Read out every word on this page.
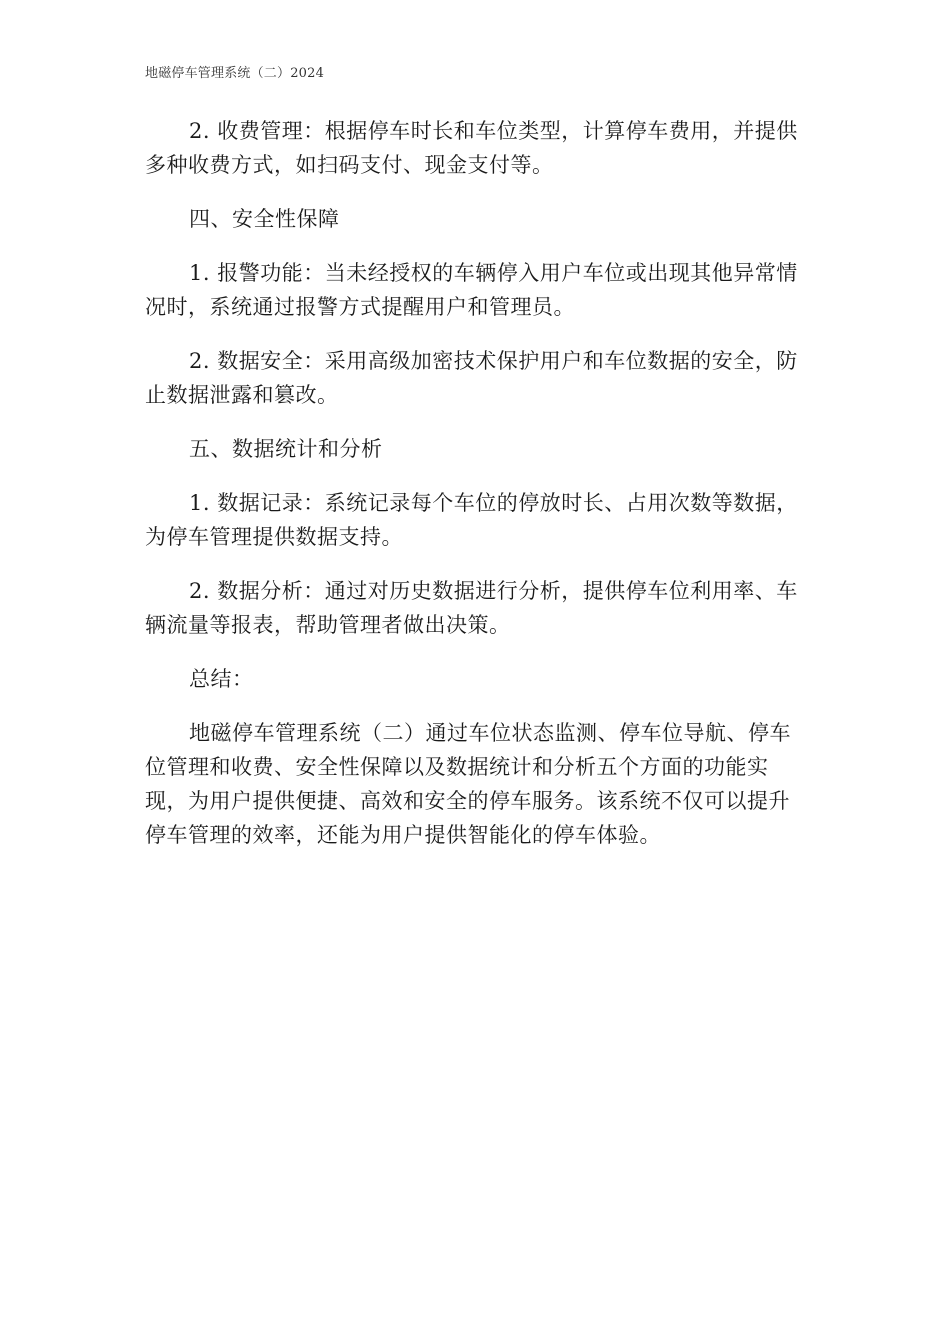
地磁停车管理系统（二）2024

2. 收费管理：根据停车时长和车位类型，计算停车费用，并提供多种收费方式，如扫码支付、现金支付等。

四、安全性保障

1. 报警功能：当未经授权的车辆停入用户车位或出现其他异常情况时，系统通过报警方式提醒用户和管理员。

2. 数据安全：采用高级加密技术保护用户和车位数据的安全，防止数据泄露和篡改。

五、数据统计和分析

1. 数据记录：系统记录每个车位的停放时长、占用次数等数据，为停车管理提供数据支持。

2. 数据分析：通过对历史数据进行分析，提供停车位利用率、车辆流量等报表，帮助管理者做出决策。

总结：

地磁停车管理系统（二）通过车位状态监测、停车位导航、停车位管理和收费、安全性保障以及数据统计和分析五个方面的功能实现，为用户提供便捷、高效和安全的停车服务。该系统不仅可以提升停车管理的效率，还能为用户提供智能化的停车体验。
